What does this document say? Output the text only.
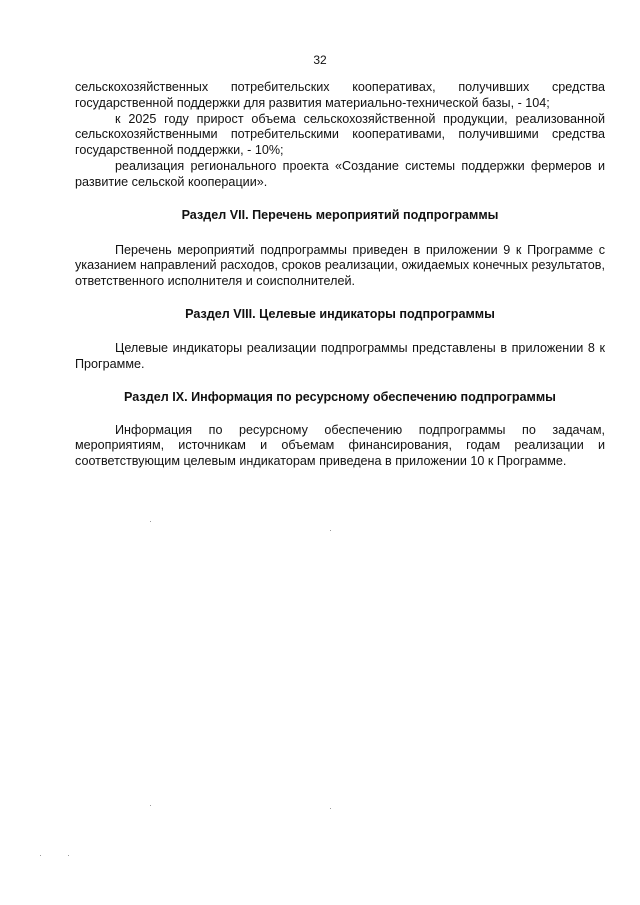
32

сельскохозяйственных потребительских кооперативах, получивших средства государственной поддержки для развития материально-технической базы, - 104;

к 2025 году прирост объема сельскохозяйственной продукции, реализованной сельскохозяйственными потребительскими кооперативами, получившими средства государственной поддержки, - 10%;

реализация регионального проекта «Создание системы поддержки фермеров и развитие сельской кооперации».

Раздел VII. Перечень мероприятий подпрограммы

Перечень мероприятий подпрограммы приведен в приложении 9 к Программе с указанием направлений расходов, сроков реализации, ожидаемых конечных результатов, ответственного исполнителя и соисполнителей.

Раздел VIII. Целевые индикаторы подпрограммы

Целевые индикаторы реализации подпрограммы представлены в приложении 8 к Программе.

Раздел IX. Информация по ресурсному обеспечению подпрограммы

Информация по ресурсному обеспечению подпрограммы по задачам, мероприятиям, источникам и объемам финансирования, годам реализации и соответствующим целевым индикаторам приведена в приложении 10 к Программе.
